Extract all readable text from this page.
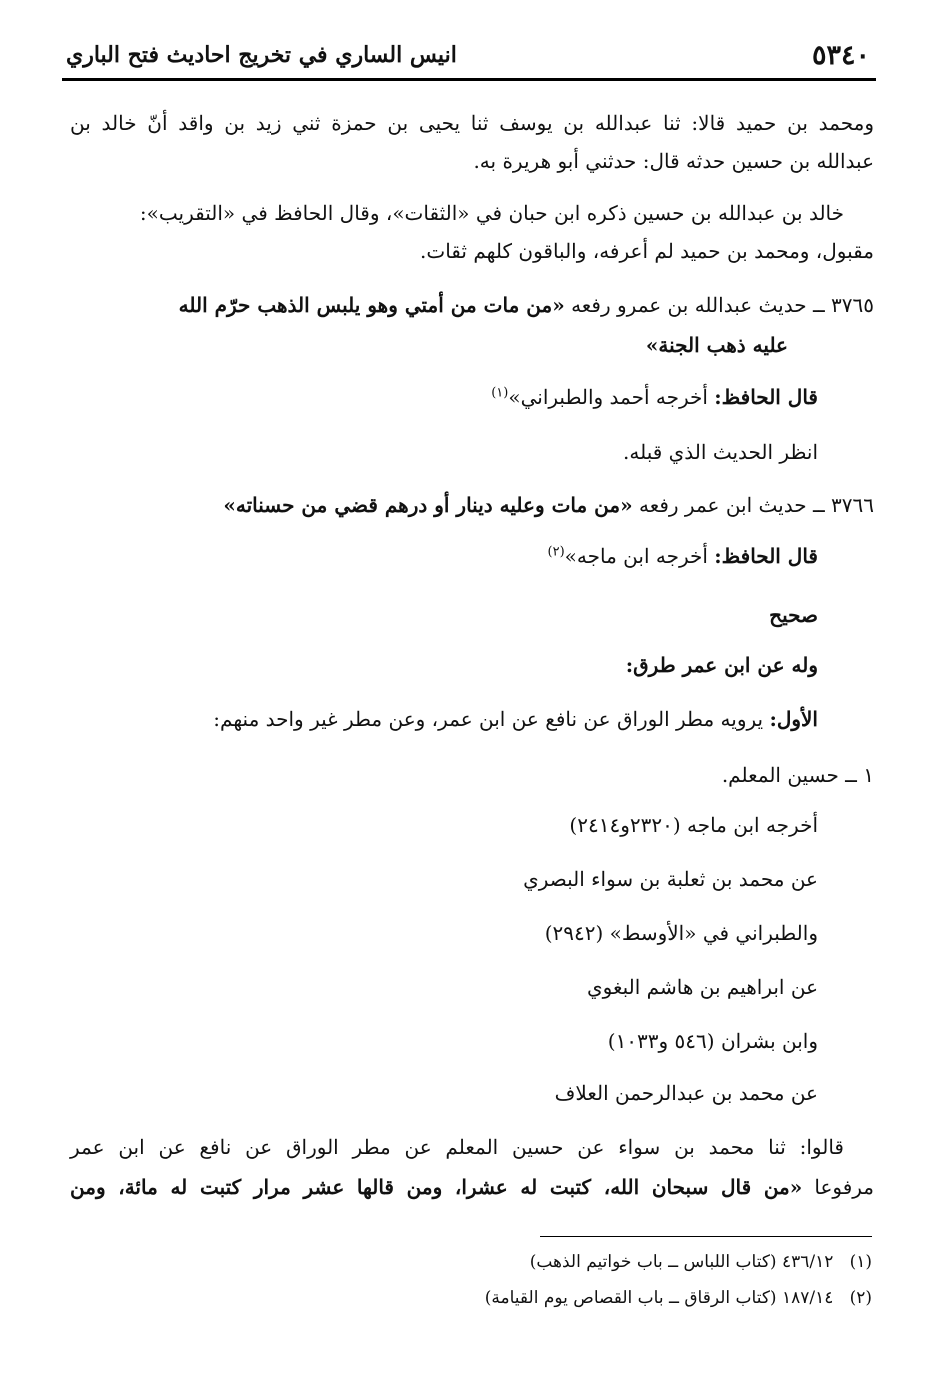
٥٣٤٠
انيس الساري في تخريج احاديث فتح الباري
ومحمد بن حميد قالا: ثنا عبدالله بن يوسف ثنا يحيى بن حمزة ثني زيد بن واقد أنّ خالد بن
عبدالله بن حسين حدثه قال: حدثني أبو هريرة به.
خالد بن عبدالله بن حسين ذكره ابن حبان في «الثقات»، وقال الحافظ في «التقريب»:
مقبول، ومحمد بن حميد لم أعرفه، والباقون كلهم ثقات.
٣٧٦٥ ــ حديث عبدالله بن عمرو رفعه «من مات من أمتي وهو يلبس الذهب حرّم الله
عليه ذهب الجنة»
قال الحافظ: أخرجه أحمد والطبراني»$^{(١)}$
انظر الحديث الذي قبله.
٣٧٦٦ ــ حديث ابن عمر رفعه «من مات وعليه دينار أو درهم قضي من حسناته»
قال الحافظ: أخرجه ابن ماجه»$^{(٢)}$
صحيح
وله عن ابن عمر طرق:
الأول: يرويه مطر الوراق عن نافع عن ابن عمر، وعن مطر غير واحد منهم:
١ ــ حسين المعلم.
أخرجه ابن ماجه (٢٣٢٠و٢٤١٤)
عن محمد بن ثعلبة بن سواء البصري
والطبراني في «الأوسط» (٢٩٤٢)
عن ابراهيم بن هاشم البغوي
وابن بشران (٥٤٦ و١٠٣٣)
عن محمد بن عبدالرحمن العلاف
قالوا: ثنا محمد بن سواء عن حسين المعلم عن مطر الوراق عن نافع عن ابن عمر
مرفوعا «من قال سبحان الله، كتبت له عشرا، ومن قالها عشر مرار كتبت له مائة، ومن
(١)   ٤٣٦/١٢ (كتاب اللباس ــ باب خواتيم الذهب)
(٢)   ١٨٧/١٤ (كتاب الرقاق ــ باب القصاص يوم القيامة)
